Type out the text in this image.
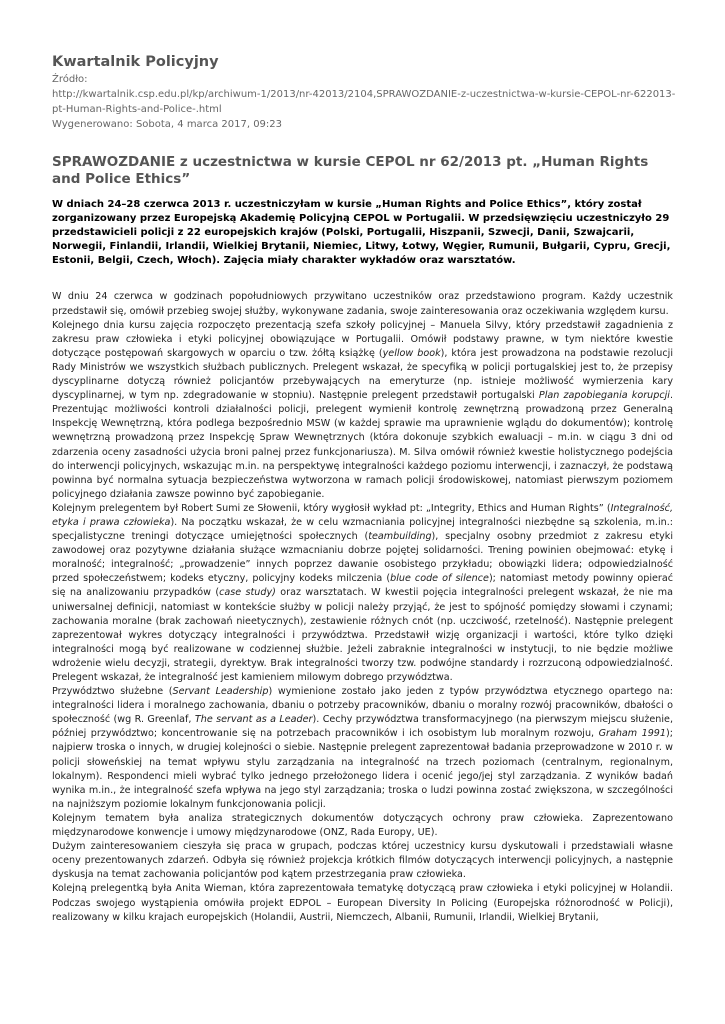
Kwartalnik Policyjny
Źródło:
http://kwartalnik.csp.edu.pl/kp/archiwum-1/2013/nr-42013/2104,SPRAWOZDANIE-z-uczestnictwa-w-kursie-CEPOL-nr-622013-
pt-Human-Rights-and-Police-.html
Wygenerowano: Sobota, 4 marca 2017, 09:23
SPRAWOZDANIE z uczestnictwa w kursie CEPOL nr 62/2013 pt. „Human Rights and Police Ethics”

W dniach 24–28 czerwca 2013 r. uczestniczyłam w kursie „Human Rights and Police Ethics”, który został zorganizowany przez Europejską Akademię Policyjną CEPOL w Portugalii. W przedsięwzięciu uczestniczyło 29 przedstawicieli policji z 22 europejskich krajów (Polski, Portugalii, Hiszpanii, Szwecji, Danii, Szwajcarii, Norwegii, Finlandii, Irlandii, Wielkiej Brytanii, Niemiec, Litwy, Łotwy, Węgier, Rumunii, Bułgarii, Cypru, Grecji, Estonii, Belgii, Czech, Włoch). Zajęcia miały charakter wykładów oraz warsztatów.

W dniu 24 czerwca w godzinach popołudniowych przywitano uczestników oraz przedstawiono program. Każdy uczestnik przedstawił się, omówił przebieg swojej służby, wykonywane zadania, swoje zainteresowania oraz oczekiwania względem kursu.

Kolejnego dnia kursu zajęcia rozpoczęto prezentacją szefa szkoły policyjnej – Manuela Silvy, który przedstawił zagadnienia z zakresu praw człowieka i etyki policyjnej obowiązujące w Portugalii. Omówił podstawy prawne, w tym niektóre kwestie dotyczące postępowań skargowych w oparciu o tzw. żółtą książkę (yellow book), która jest prowadzona na podstawie rezolucji Rady Ministrów we wszystkich służbach publicznych. Prelegent wskazał, że specyfiką w policji portugalskiej jest to, że przepisy dyscyplinarne dotyczą również policjantów przebywających na emeryturze (np. istnieje możliwość wymierzenia kary dyscyplinarnej, w tym np. zdegradowanie w stopniu). Następnie prelegent przedstawił portugalski Plan zapobiegania korupcji. Prezentując możliwości kontroli działalności policji, prelegent wymienił kontrolę zewnętrzną prowadzoną przez Generalną Inspekcję Wewnętrzną, która podlega bezpośrednio MSW (w każdej sprawie ma uprawnienie wglądu do dokumentów); kontrolę wewnętrzną prowadzoną przez Inspekcję Spraw Wewnętrznych (która dokonuje szybkich ewaluacji – m.in. w ciągu 3 dni od zdarzenia oceny zasadności użycia broni palnej przez funkcjonariusza). M. Silva omówił również kwestie holistycznego podejścia do interwencji policyjnych, wskazując m.in. na perspektywę integralności każdego poziomu interwencji, i zaznaczył, że podstawą powinna być normalna sytuacja bezpieczeństwa wytworzona w ramach policji środowiskowej, natomiast pierwszym poziomem policyjnego działania zawsze powinno być zapobieganie.

Kolejnym prelegentem był Robert Sumi ze Słowenii, który wygłosił wykład pt: „Integrity, Ethics and Human Rights” (Integralność, etyka i prawa człowieka). Na początku wskazał, że w celu wzmacniania policyjnej integralności niezbędne są szkolenia, m.in.: specjalistyczne treningi dotyczące umiejętności społecznych (teambuilding), specjalny osobny przedmiot z zakresu etyki zawodowej oraz pozytywne działania służące wzmacnianiu dobrze pojętej solidarności. Trening powinien obejmować: etykę i moralność; integralność; „prowadzenie” innych poprzez dawanie osobistego przykładu; obowiązki lidera; odpowiedzialność przed społeczeństwem; kodeks etyczny, policyjny kodeks milczenia (blue code of silence); natomiast metody powinny opierać się na analizowaniu przypadków (case study) oraz warsztatach. W kwestii pojęcia integralności prelegent wskazał, że nie ma uniwersalnej definicji, natomiast w kontekście służby w policji należy przyjąć, że jest to spójność pomiędzy słowami i czynami; zachowania moralne (brak zachowań nieetycznych), zestawienie różnych cnót (np. uczciwość, rzetelność). Następnie prelegent zaprezentował wykres dotyczący integralności i przywództwa. Przedstawił wizję organizacji i wartości, które tylko dzięki integralności mogą być realizowane w codziennej służbie. Jeżeli zabraknie integralności w instytucji, to nie będzie możliwe wdrożenie wielu decyzji, strategii, dyrektyw. Brak integralności tworzy tzw. podwójne standardy i rozrzuconą odpowiedzialność. Prelegent wskazał, że integralność jest kamieniem milowym dobrego przywództwa.

Przywództwo służebne (Servant Leadership) wymienione zostało jako jeden z typów przywództwa etycznego opartego na: integralności lidera i moralnego zachowania, dbaniu o potrzeby pracowników, dbaniu o moralny rozwój pracowników, dbałości o społeczność (wg R. Greenlaf, The servant as a Leader). Cechy przywództwa transformacyjnego (na pierwszym miejscu służenie, później przywództwo; koncentrowanie się na potrzebach pracowników i ich osobistym lub moralnym rozwoju, Graham 1991); najpierw troska o innych, w drugiej kolejności o siebie. Następnie prelegent zaprezentował badania przeprowadzone w 2010 r. w policji słoweńskiej na temat wpływu stylu zarządzania na integralność na trzech poziomach (centralnym, regionalnym, lokalnym). Respondenci mieli wybrać tylko jednego przełożonego lidera i ocenić jego/jej styl zarządzania. Z wyników badań wynika m.in., że integralność szefa wpływa na jego styl zarządzania; troska o ludzi powinna zostać zwiększona, w szczególności na najniższym poziomie lokalnym funkcjonowania policji.

Kolejnym tematem była analiza strategicznych dokumentów dotyczących ochrony praw człowieka. Zaprezentowano międzynarodowe konwencje i umowy międzynarodowe (ONZ, Rada Europy, UE).

Dużym zainteresowaniem cieszyła się praca w grupach, podczas której uczestnicy kursu dyskutowali i przedstawiali własne oceny prezentowanych zdarzeń. Odbyła się również projekcja krótkich filmów dotyczących interwencji policyjnych, a następnie dyskusja na temat zachowania policjantów pod kątem przestrzegania praw człowieka.

Kolejną prelegentką była Anita Wieman, która zaprezentowała tematykę dotyczącą praw człowieka i etyki policyjnej w Holandii. Podczas swojego wystąpienia omówiła projekt EDPOL – European Diversity In Policing (Europejska różnorodność w Policji), realizowany w kilku krajach europejskich (Holandii, Austrii, Niemczech, Albanii, Rumunii, Irlandii, Wielkiej Brytanii,
